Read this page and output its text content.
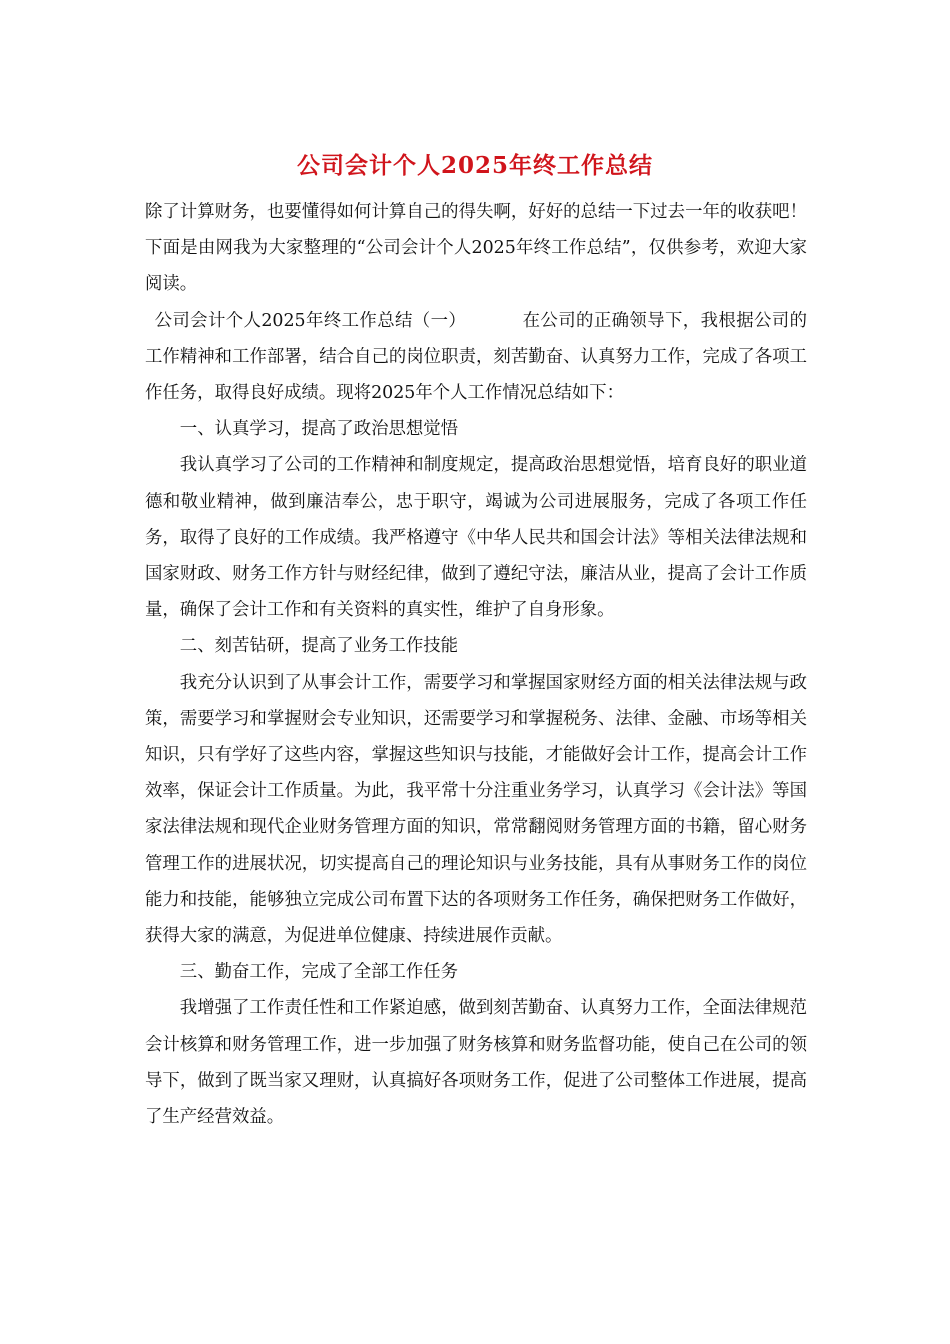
公司会计个人2025年终工作总结

除了计算财务，也要懂得如何计算自己的得失啊，好好的总结一下过去一年的收获吧！下面是由网我为大家整理的“公司会计个人2025年终工作总结”，仅供参考，欢迎大家阅读。

公司会计个人2025年终工作总结（一）	在公司的正确领导下，我根据公司的工作精神和工作部署，结合自己的岗位职责，刻苦勤奋、认真努力工作，完成了各项工作任务，取得良好成绩。现将2025年个人工作情况总结如下：

一、认真学习，提高了政治思想觉悟

我认真学习了公司的工作精神和制度规定，提高政治思想觉悟，培育良好的职业道德和敬业精神，做到廉洁奉公，忠于职守，竭诚为公司进展服务，完成了各项工作任务，取得了良好的工作成绩。我严格遵守《中华人民共和国会计法》等相关法律法规和国家财政、财务工作方针与财经纪律，做到了遵纪守法，廉洁从业，提高了会计工作质量，确保了会计工作和有关资料的真实性，维护了自身形象。

二、刻苦钻研，提高了业务工作技能

我充分认识到了从事会计工作，需要学习和掌握国家财经方面的相关法律法规与政策，需要学习和掌握财会专业知识，还需要学习和掌握税务、法律、金融、市场等相关知识，只有学好了这些内容，掌握这些知识与技能，才能做好会计工作，提高会计工作效率，保证会计工作质量。为此，我平常十分注重业务学习，认真学习《会计法》等国家法律法规和现代企业财务管理方面的知识，常常翻阅财务管理方面的书籍，留心财务管理工作的进展状况，切实提高自己的理论知识与业务技能，具有从事财务工作的岗位能力和技能，能够独立完成公司布置下达的各项财务工作任务，确保把财务工作做好，获得大家的满意，为促进单位健康、持续进展作贡献。

三、勤奋工作，完成了全部工作任务

我增强了工作责任性和工作紧迫感，做到刻苦勤奋、认真努力工作，全面法律规范会计核算和财务管理工作，进一步加强了财务核算和财务监督功能，使自己在公司的领导下，做到了既当家又理财，认真搞好各项财务工作，促进了公司整体工作进展，提高了生产经营效益。
